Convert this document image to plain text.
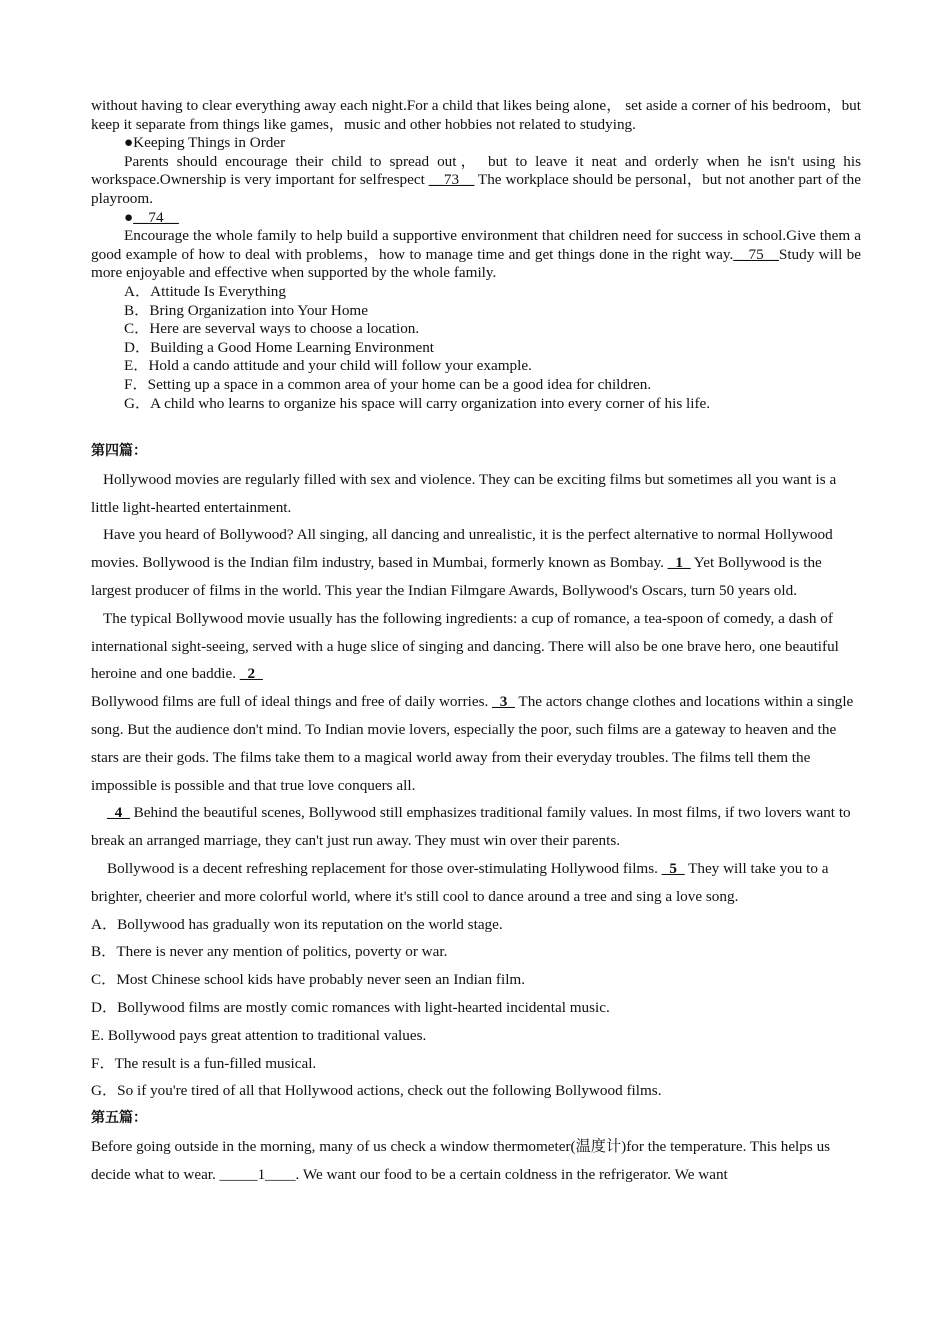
without having to clear everything away each night.For a child that likes being alone， set aside a corner of his bedroom，but keep it separate from things like games，music and other hobbies not related to studying.

●Keeping Things in Order

Parents should encourage their child to spread out， but to leave it neat and orderly when he isn't using his workspace.Ownership is very important for selfrespect __73__ The workplace should be personal，but not another part of the playroom.

●__74__

Encourage the whole family to help build a supportive environment that children need for success in school.Give them a good example of how to deal with problems，how to manage time and get things done in the right way.__75__Study will be more enjoyable and effective when supported by the whole family.

A．Attitude Is Everything

B．Bring Organization into Your Home

C．Here are severval ways to choose a location.

D．Building a Good Home Learning Environment

E．Hold a cando attitude and your child will follow your example.

F．Setting up a space in a common area of your home can be a good idea for children.

G．A child who learns to organize his space will carry organization into every corner of his life.

第四篇：

Hollywood movies are regularly filled with sex and violence. They can be exciting films but sometimes all you want is a little light-hearted entertainment.

Have you heard of Bollywood? All singing, all dancing and unrealistic, it is the perfect alternative to normal Hollywood movies. Bollywood is the Indian film industry, based in Mumbai, formerly known as Bombay. _1_ Yet Bollywood is the largest producer of films in the world. This year the Indian Filmgare Awards, Bollywood's Oscars, turn 50 years old.

The typical Bollywood movie usually has the following ingredients: a cup of romance, a tea-spoon of comedy, a dash of international sight-seeing, served with a huge slice of singing and dancing. There will also be one brave hero, one beautiful heroine and one baddie. _2_

Bollywood films are full of ideal things and free of daily worries. _3_ The actors change clothes and locations within a single song. But the audience don't mind. To Indian movie lovers, especially the poor, such films are a gateway to heaven and the stars are their gods. The films take them to a magical world away from their everyday troubles. The films tell them the impossible is possible and that true love conquers all.

_4_ Behind the beautiful scenes, Bollywood still emphasizes traditional family values. In most films, if two lovers want to break an arranged marriage, they can't just run away. They must win over their parents.

Bollywood is a decent refreshing replacement for those over-stimulating Hollywood films. _5_ They will take you to a brighter, cheerier and more colorful world, where it's still cool to dance around a tree and sing a love song.

A．Bollywood has gradually won its reputation on the world stage.

B．There is never any mention of politics, poverty or war.

C．Most Chinese school kids have probably never seen an Indian film.

D．Bollywood films are mostly comic romances with light-hearted incidental music.

E. Bollywood pays great attention to traditional values.

F．The result is a fun-filled musical.

G．So if you're tired of all that Hollywood actions, check out the following Bollywood films.

第五篇：

Before going outside in the morning, many of us check a window thermometer(温度计)for the temperature. This helps us decide what to wear. _____1____. We want our food to be a certain coldness in the refrigerator. We want
